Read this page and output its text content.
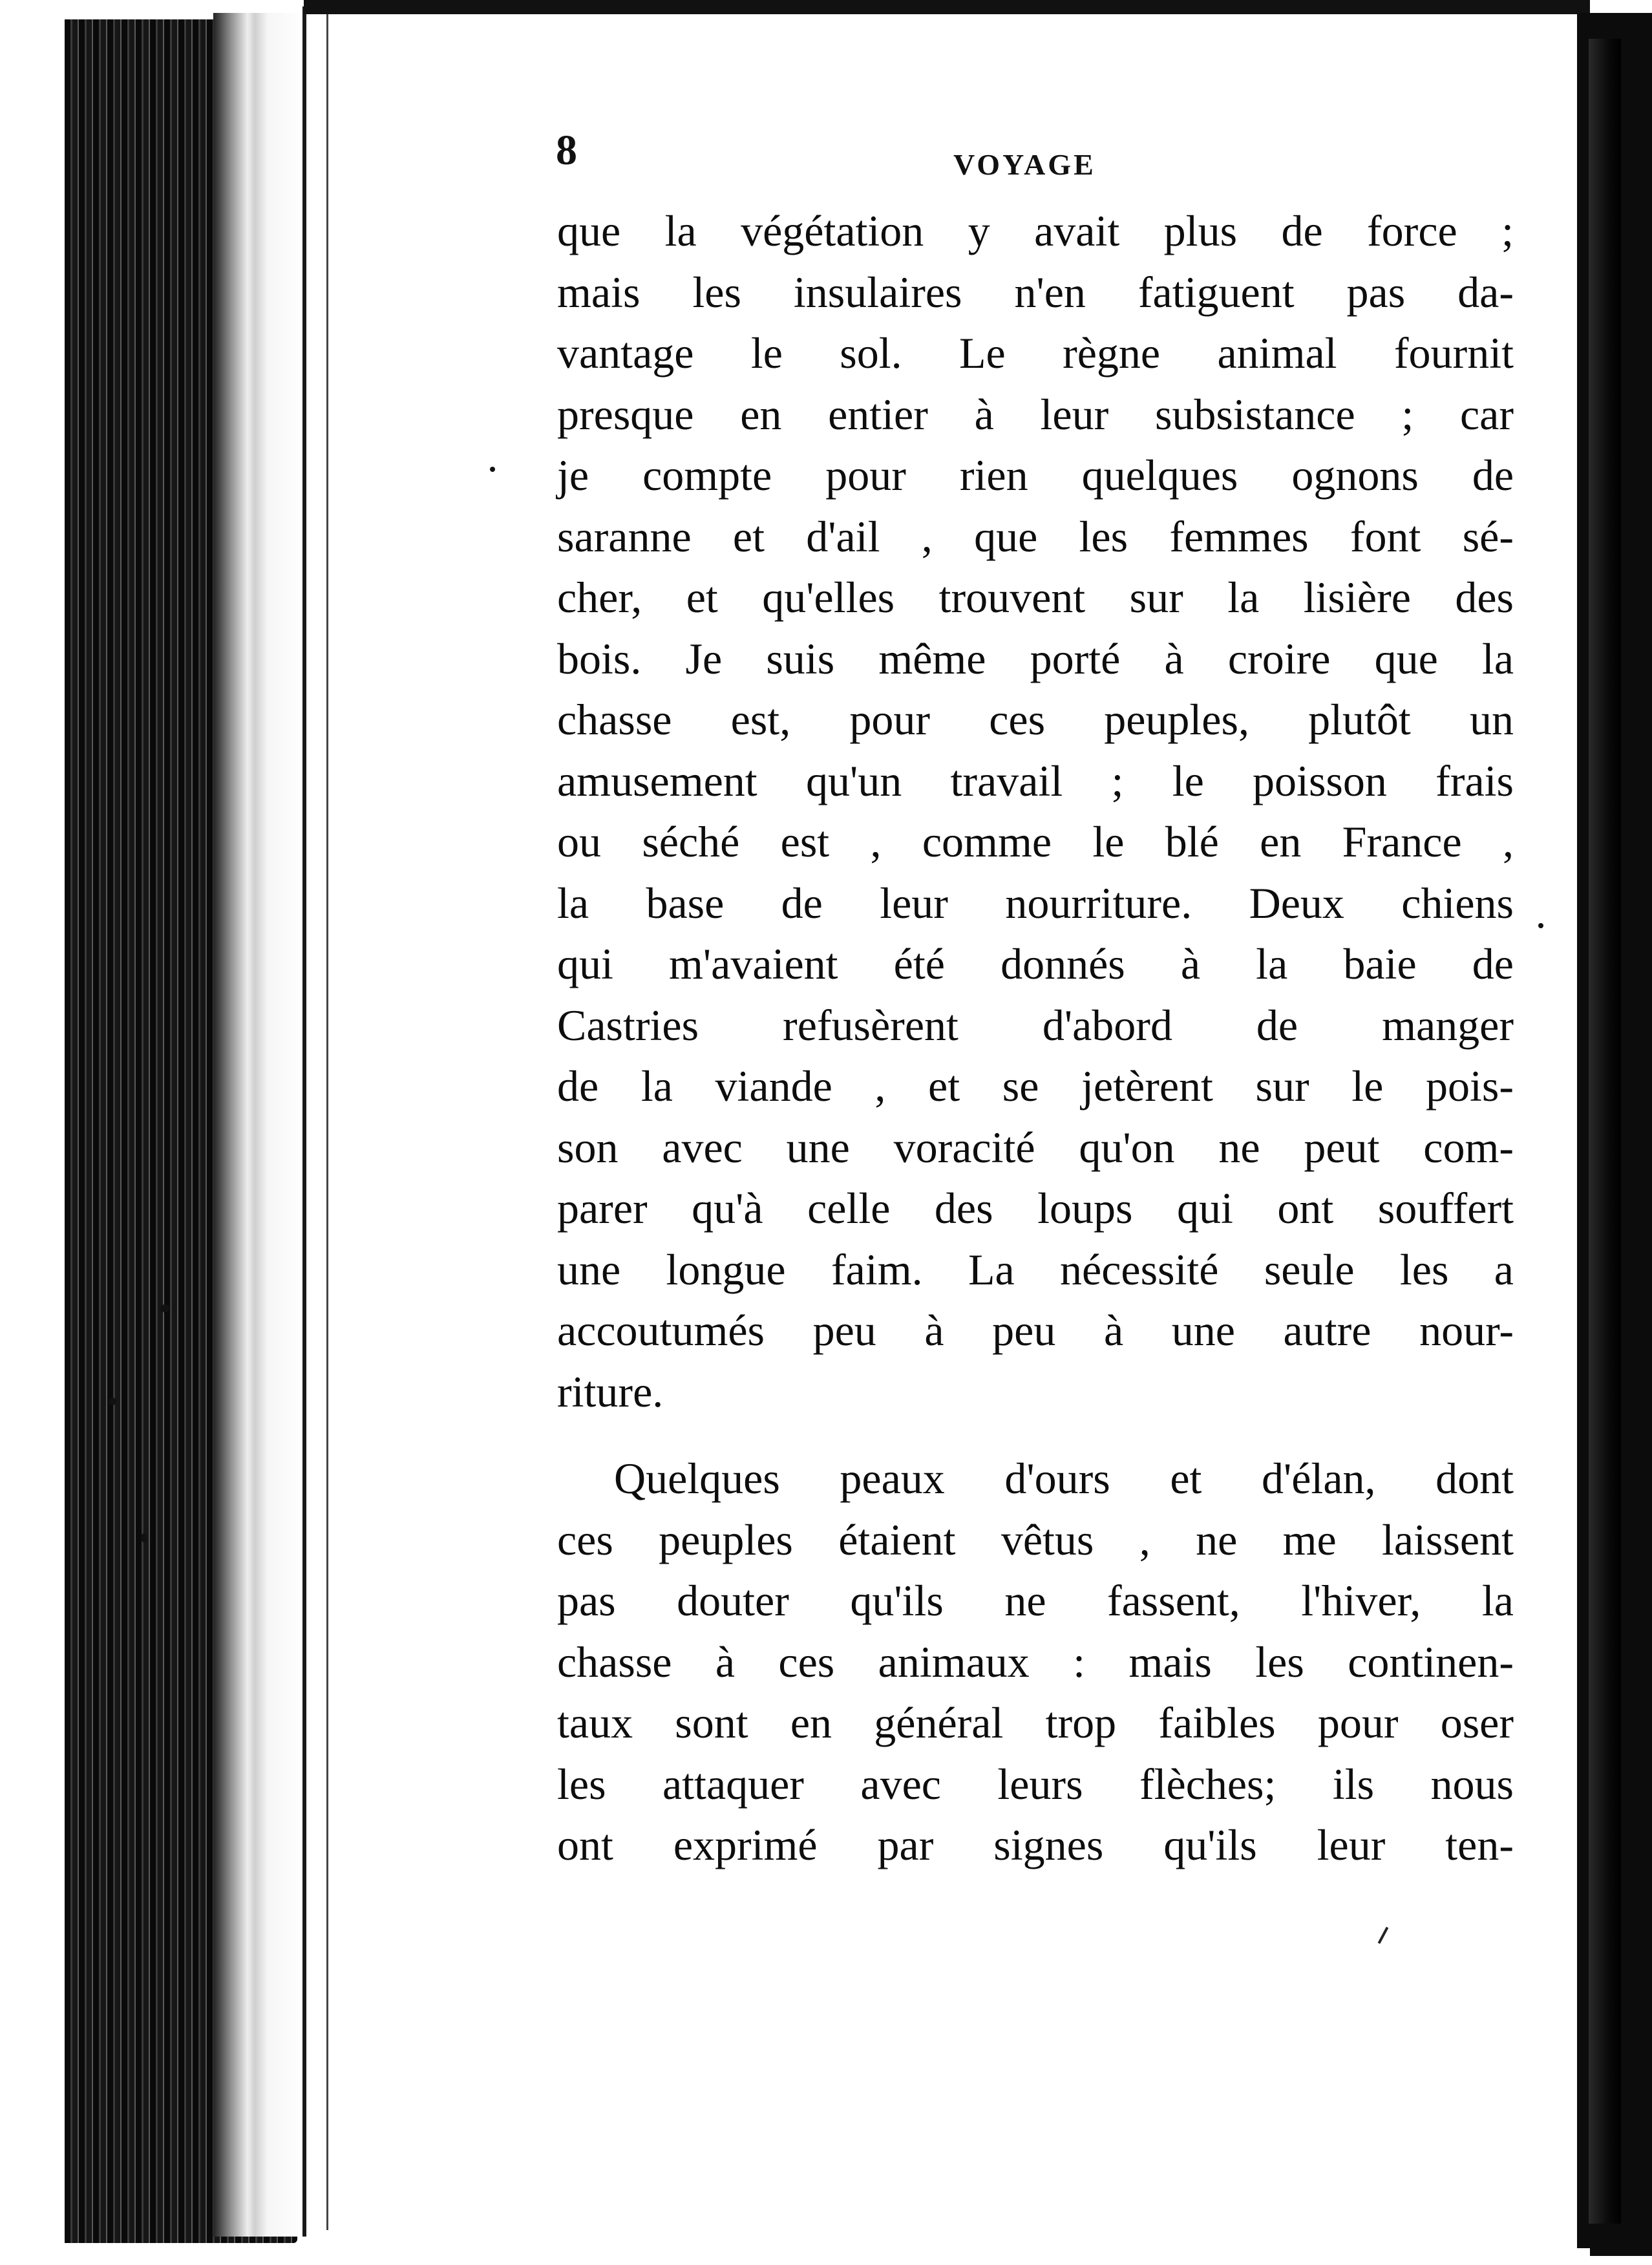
8	VOYAGE
que la végétation y avait plus de force ;
mais les insulaires n'en fatiguent pas da-
vantage le sol. Le règne animal fournit
presque en entier à leur subsistance ; car
je compte pour rien quelques ognons de
saranne et d'ail , que les femmes font sé-
cher, et qu'elles trouvent sur la lisière des
bois. Je suis même porté à croire que la
chasse est, pour ces peuples, plutôt un
amusement qu'un travail ; le poisson frais
ou séché est , comme le blé en France ,
la base de leur nourriture. Deux chiens
qui m'avaient été donnés à la baie de
Castries refusèrent d'abord de manger
de la viande , et se jetèrent sur le pois-
son avec une voracité qu'on ne peut com-
parer qu'à celle des loups qui ont souffert
une longue faim. La nécessité seule les a
accoutumés peu à peu à une autre nour-
riture.
Quelques peaux d'ours et d'élan, dont
ces peuples étaient vêtus , ne me laissent
pas douter qu'ils ne fassent, l'hiver, la
chasse à ces animaux : mais les continen-
taux sont en général trop faibles pour oser
les attaquer avec leurs flèches; ils nous
ont exprimé par signes qu'ils leur ten-
